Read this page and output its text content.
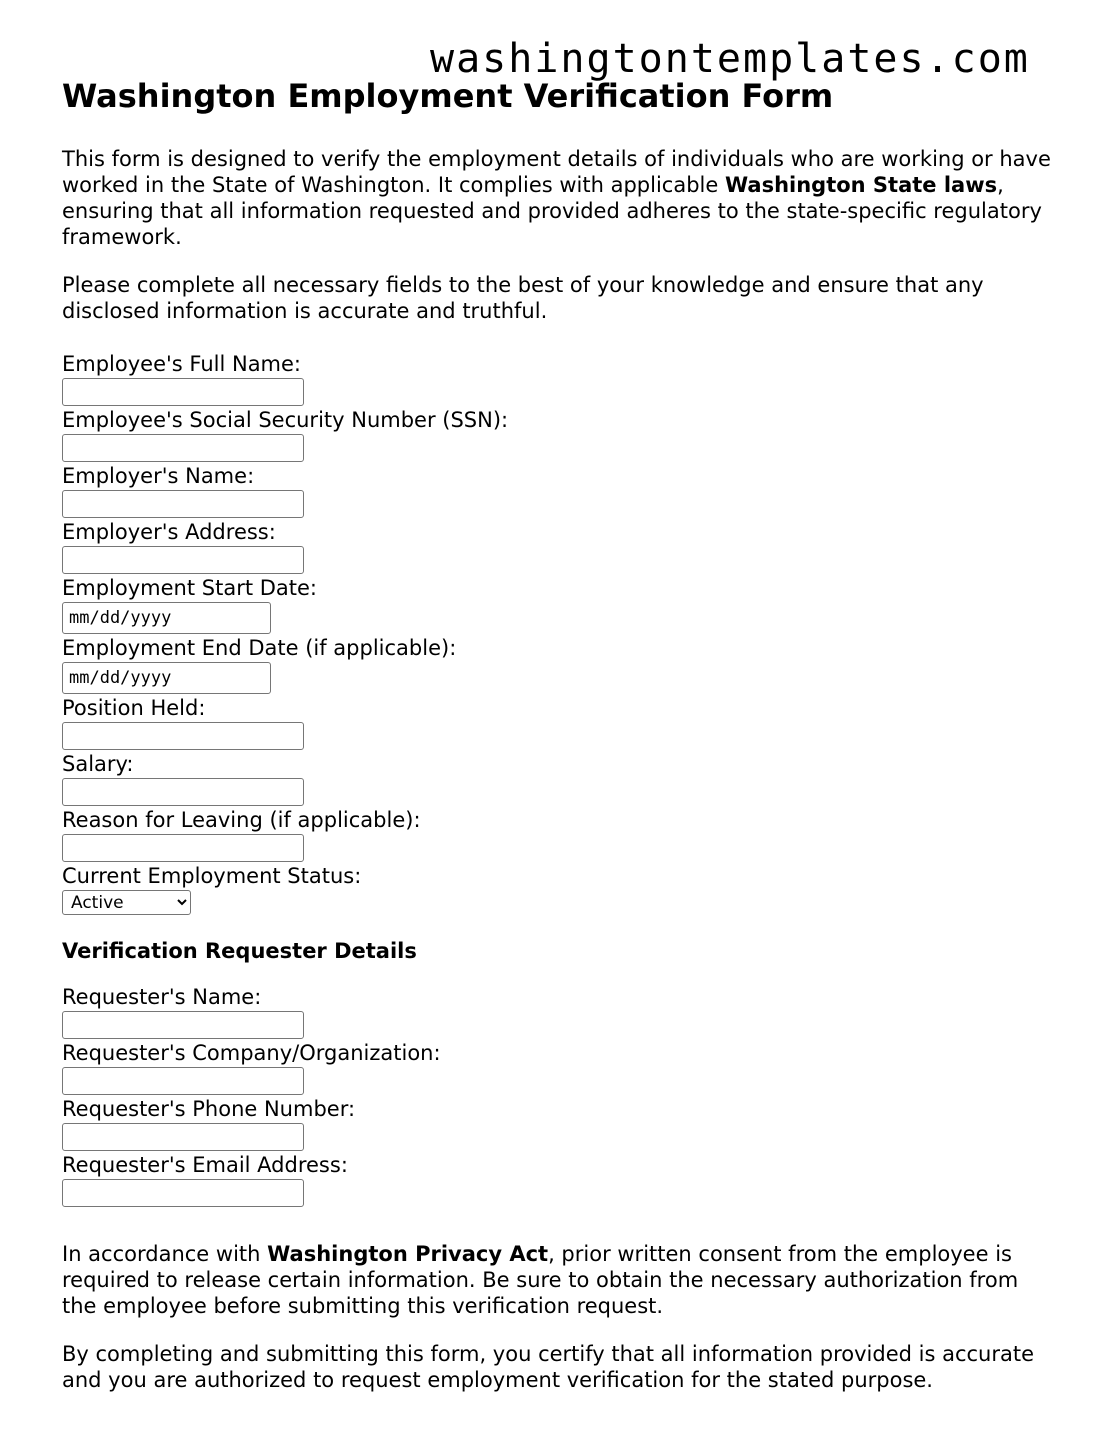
washingtontemplates.com
Washington Employment Verification Form

This form is designed to verify the employment details of individuals who are working or have worked in the State of Washington. It complies with applicable Washington State laws, ensuring that all information requested and provided adheres to the state-specific regulatory framework.

Please complete all necessary fields to the best of your knowledge and ensure that any disclosed information is accurate and truthful.

Employee's Full Name:
Employee's Social Security Number (SSN):
Employer's Name:
Employer's Address:
Employment Start Date:
mm/dd/yyyy
Employment End Date (if applicable):
mm/dd/yyyy
Position Held:
Salary:
Reason for Leaving (if applicable):
Current Employment Status:
Active
Verification Requester Details
Requester's Name:
Requester's Company/Organization:
Requester's Phone Number:
Requester's Email Address:

In accordance with Washington Privacy Act, prior written consent from the employee is required to release certain information. Be sure to obtain the necessary authorization from the employee before submitting this verification request.

By completing and submitting this form, you certify that all information provided is accurate and you are authorized to request employment verification for the stated purpose.
